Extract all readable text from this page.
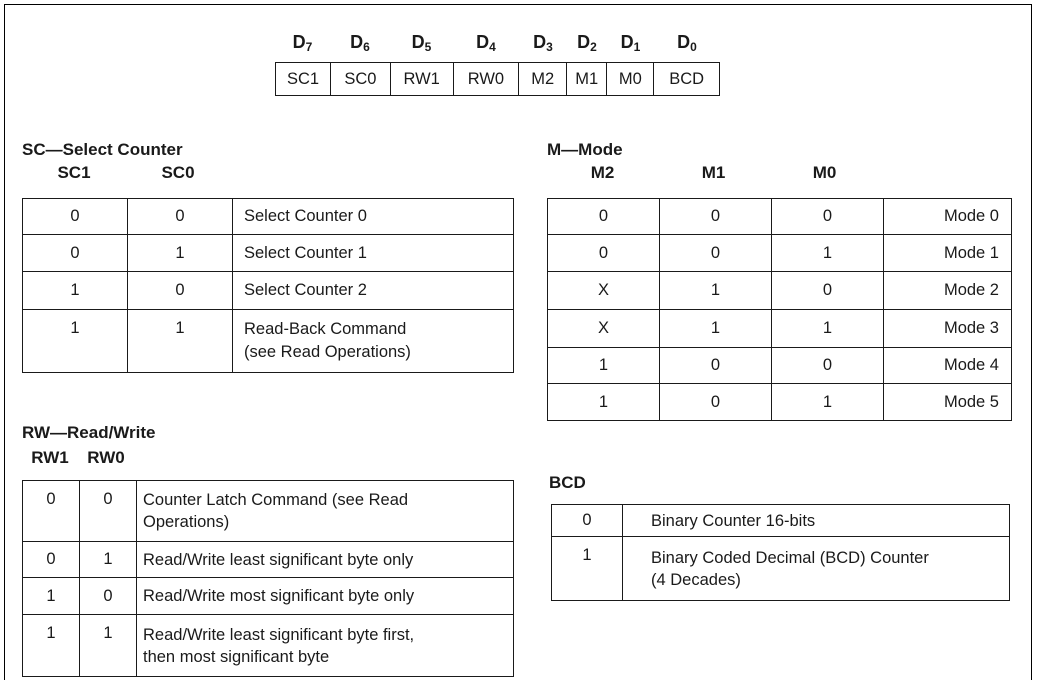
$D_7$	$D_6$	$D_5$	$D_4$	$D_3$	$D_2$	$D_1$	$D_0$
SC1	SC0	RW1	RW0	M2	M1	M0	BCD
SC—Select Counter
SC1	SC0
0	0	Select Counter 0
0	1	Select Counter 1
1	0	Select Counter 2
1	1	Read-Back Command
(see Read Operations)
RW—Read/Write
RW1	RW0
0	0	Counter Latch Command (see Read
Operations)
0	1	Read/Write least significant byte only
1	0	Read/Write most significant byte only
1	1	Read/Write least significant byte first,
then most significant byte
M—Mode
M2	M1	M0
0	0	0	Mode 0
0	0	1	Mode 1
X	1	0	Mode 2
X	1	1	Mode 3
1	0	0	Mode 4
1	0	1	Mode 5
BCD
0	Binary Counter 16-bits
1	Binary Coded Decimal (BCD) Counter
(4 Decades)
